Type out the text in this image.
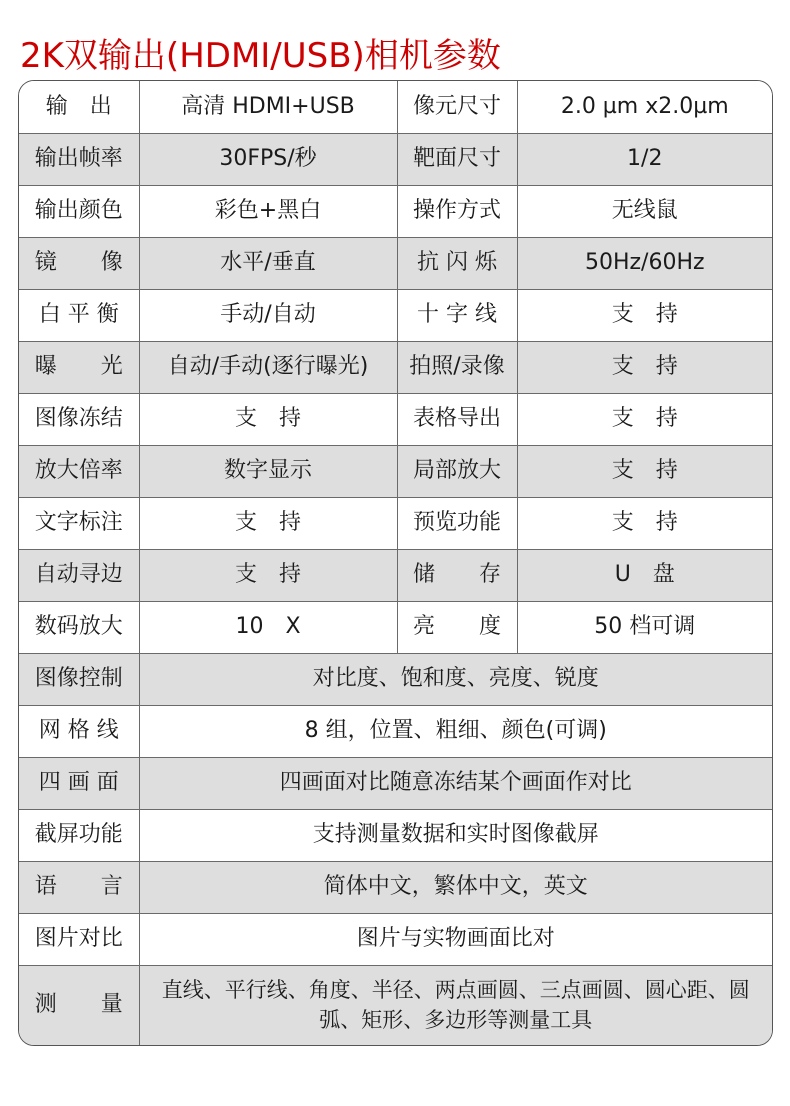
2K双输出(HDMI/USB)相机参数
输　出	高清 HDMI+USB	像元尺寸	2.0 µm x2.0µm
输出帧率	30FPS/秒	靶面尺寸	1/2
输出颜色	彩色+黑白	操作方式	无线鼠
镜　　像	水平/垂直	抗 闪 烁	50Hz/60Hz
白 平 衡	手动/自动	十 字 线	支　持
曝　　光	自动/手动(逐行曝光)	拍照/录像	支　持
图像冻结	支　持	表格导出	支　持
放大倍率	数字显示	局部放大	支　持
文字标注	支　持	预览功能	支　持
自动寻边	支　持	储　　存	U　盘
数码放大	10　X	亮　　度	50 档可调
图像控制	对比度、饱和度、亮度、锐度		
网 格 线	8 组，位置、粗细、颜色(可调)		
四 画 面	四画面对比随意冻结某个画面作对比		
截屏功能	支持测量数据和实时图像截屏		
语　　言	简体中文，繁体中文，英文		
图片对比	图片与实物画面比对		
测　　量	直线、平行线、角度、半径、两点画圆、三点画圆、圆心距、圆弧、矩形、多边形等测量工具		
